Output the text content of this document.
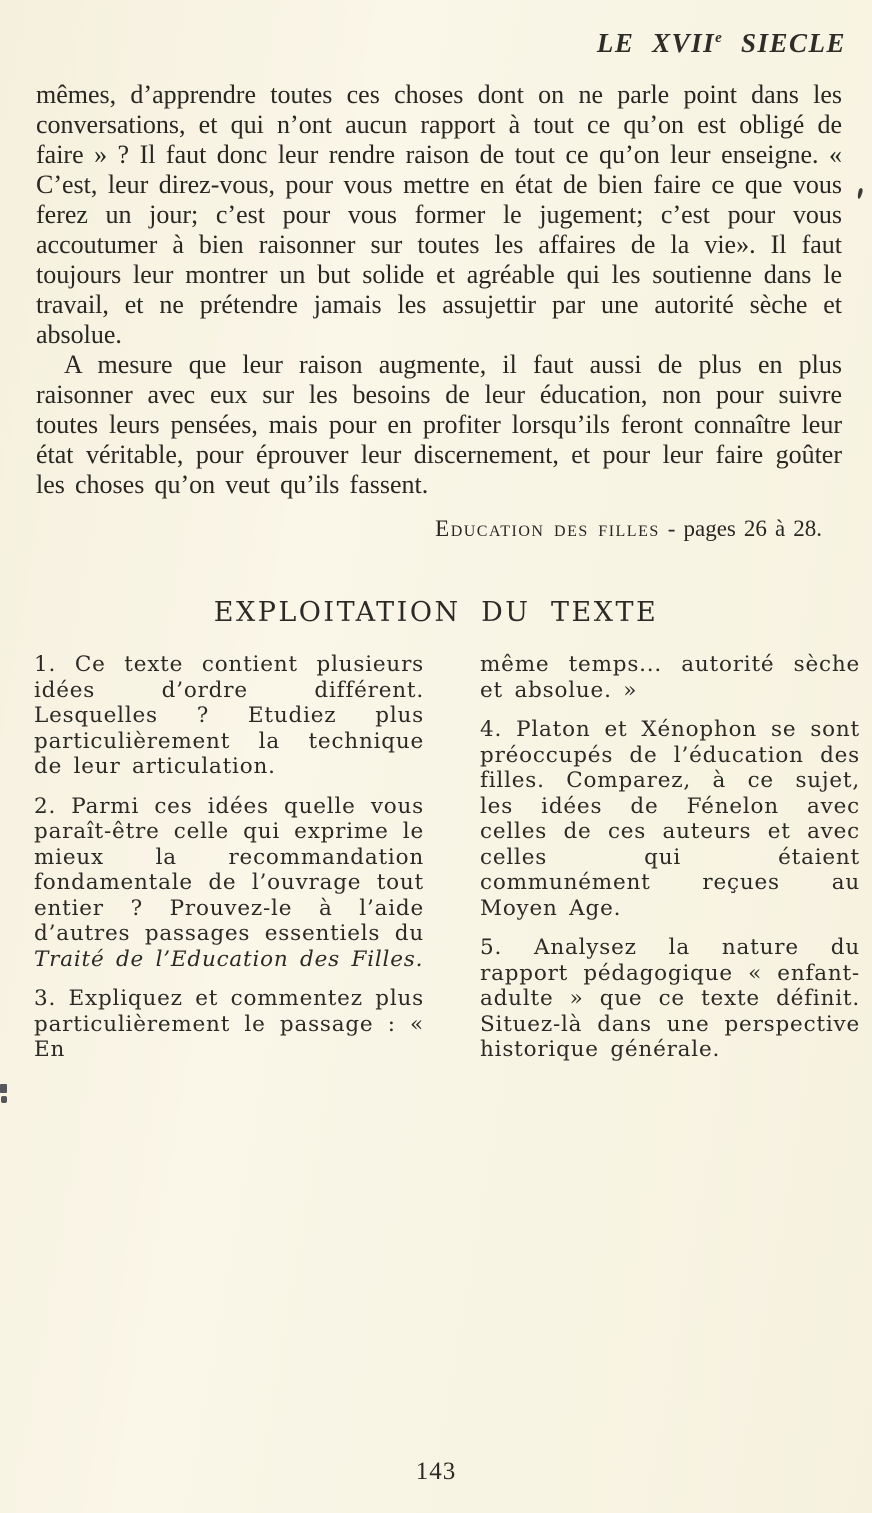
LE XVIIe SIECLE

mêmes, d’apprendre toutes ces choses dont on ne parle point dans les conversations, et qui n’ont aucun rapport à tout ce qu’on est obligé de faire » ? Il faut donc leur rendre raison de tout ce qu’on leur enseigne. « C’est, leur direz-vous, pour vous mettre en état de bien faire ce que vous ferez un jour; c’est pour vous former le jugement; c’est pour vous accoutumer à bien raisonner sur toutes les affaires de la vie». Il faut toujours leur montrer un but solide et agréable qui les soutienne dans le travail, et ne prétendre jamais les assujettir par une autorité sèche et absolue.

A mesure que leur raison augmente, il faut aussi de plus en plus raisonner avec eux sur les besoins de leur éducation, non pour suivre toutes leurs pensées, mais pour en profiter lorsqu’ils feront connaître leur état véritable, pour éprouver leur discernement, et pour leur faire goûter les choses qu’on veut qu’ils fassent.

Education des filles - pages 26 à 28.

EXPLOITATION DU TEXTE

1. Ce texte contient plusieurs idées d’ordre différent. Lesquelles ? Etudiez plus particulièrement la technique de leur articulation.

2. Parmi ces idées quelle vous paraît-être celle qui exprime le mieux la recommandation fondamentale de l’ouvrage tout entier ? Prouvez-le à l’aide d’autres passages essentiels du Traité de l’Education des Filles.

3. Expliquez et commentez plus particulièrement le passage : « En

même temps... autorité sèche et absolue. »

4. Platon et Xénophon se sont préoccupés de l’éducation des filles. Comparez, à ce sujet, les idées de Fénelon avec celles de ces auteurs et avec celles qui étaient communément reçues au Moyen Age.

5. Analysez la nature du rapport pédagogique « enfant-adulte » que ce texte définit. Situez-là dans une perspective historique générale.

143
